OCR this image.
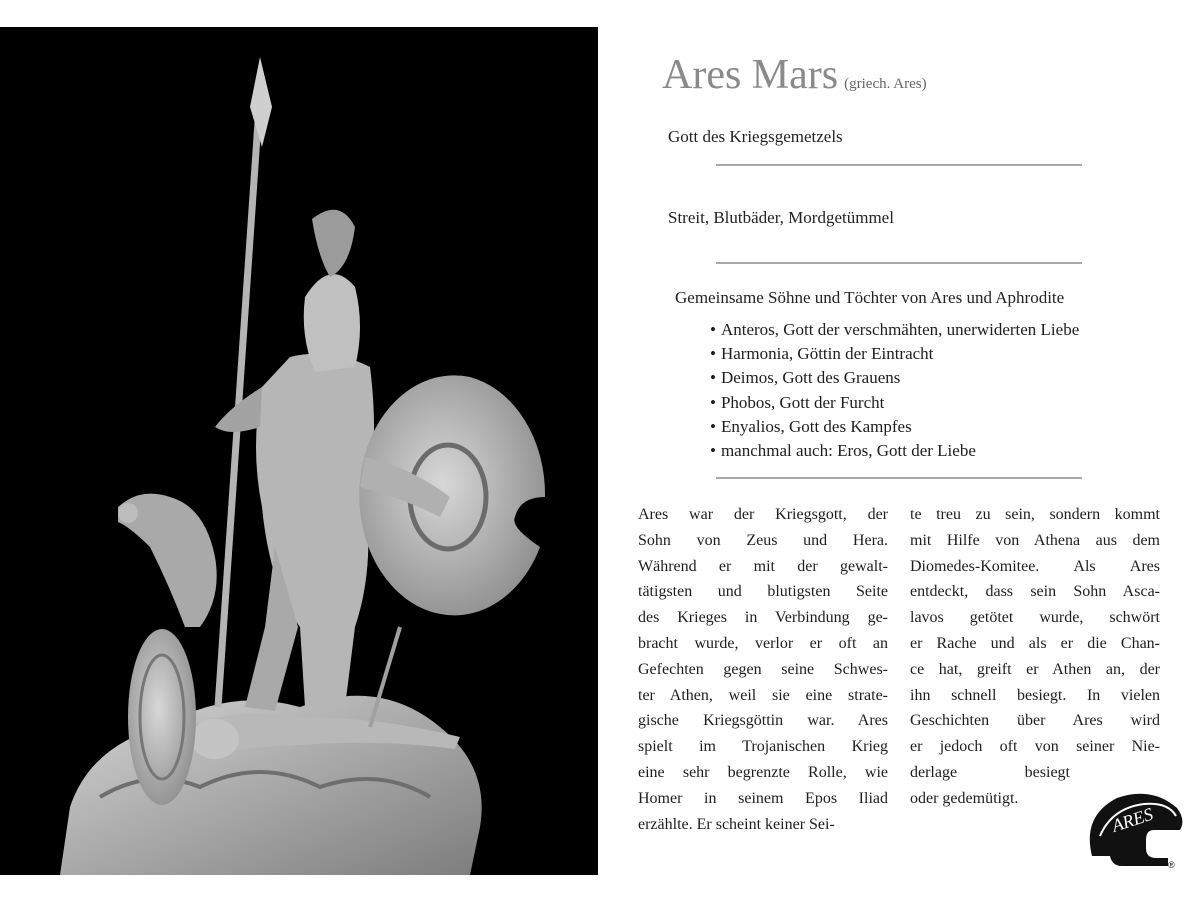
Ares Mars (griech. Ares)
Gott des Kriegsgemetzels
Streit, Blutbäder, Mordgetümmel
Gemeinsame Söhne und Töchter von Ares und Aphrodite
• Anteros, Gott der verschmähten, unerwiderten Liebe
• Harmonia, Göttin der Eintracht
• Deimos, Gott des Grauens
• Phobos, Gott der Furcht
• Enyalios, Gott des Kampfes
• manchmal auch: Eros, Gott der Liebe
Ares war der Kriegsgott, der
Sohn von Zeus und Hera.
Während er mit der gewalt-
tätigsten und blutigsten Seite
des Krieges in Verbindung ge-
bracht wurde, verlor er oft an
Gefechten gegen seine Schwes-
ter Athen, weil sie eine strate-
gische Kriegsgöttin war. Ares
spielt im Trojanischen Krieg
eine sehr begrenzte Rolle, wie
Homer in seinem Epos Iliad
erzählte. Er scheint keiner Sei-
te treu zu sein, sondern kommt
mit Hilfe von Athena aus dem
Diomedes-Komitee. Als Ares
entdeckt, dass sein Sohn Asca-
lavos getötet wurde, schwört
er Rache und als er die Chan-
ce hat, greift er Athen an, der
ihn schnell besiegt. In vielen
Geschichten über Ares wird
er jedoch oft von seiner Nie-
derlage besiegt
oder gedemütigt.
ARES
®
